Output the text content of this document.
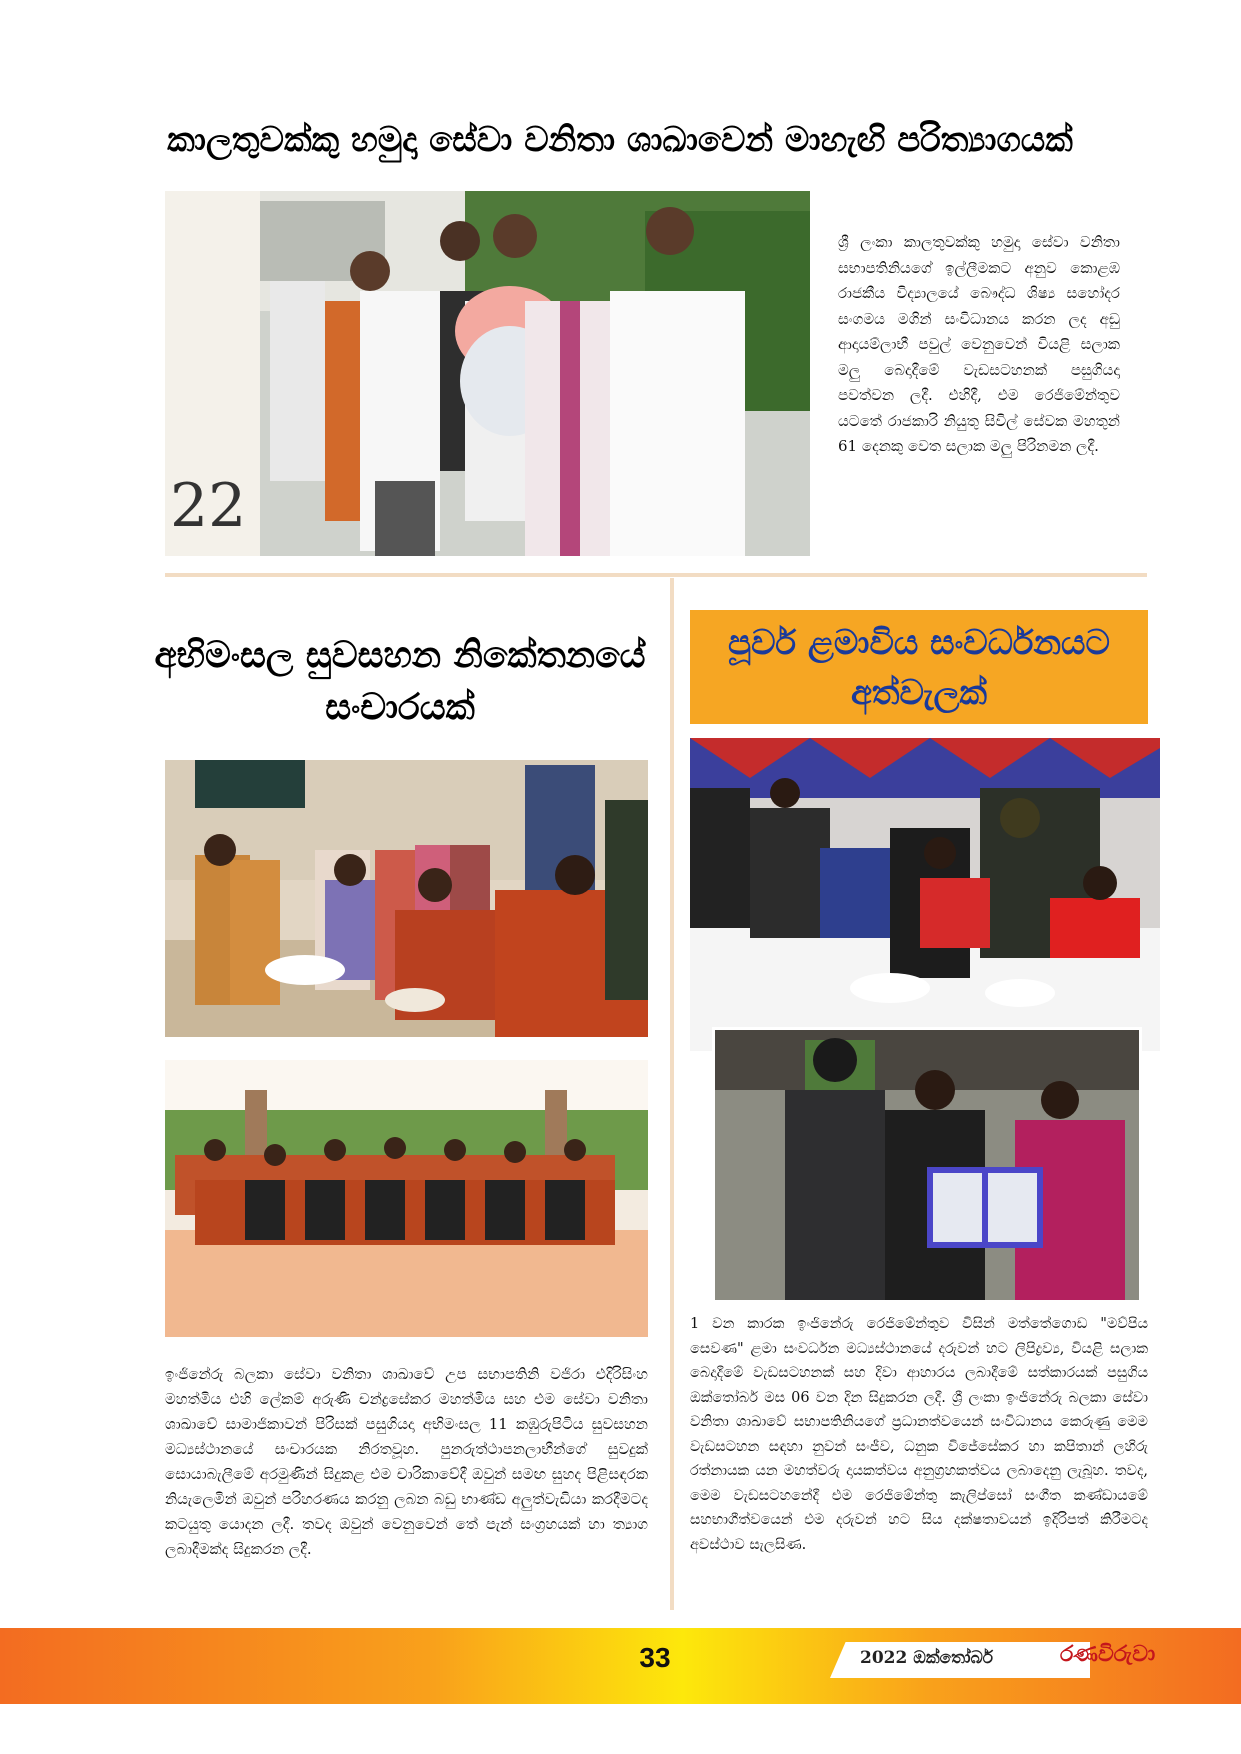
කාලතුවක්කු හමුදා සේවා වනිතා ශාඛාවෙන් මාහැඟි පරිත්‍යාගයක්
22
ශ්‍රී ලංකා කාලතුවක්කු හමුදා සේවා වනිතා සභාපතිනියගේ ඉල්ලීමකට අනුව කොළඹ රාජකීය විද්‍යාලයේ බෞද්ධ ශිෂ්‍ය සහෝදර සංගමය මගින් සංවිධානය කරන ලද අඩු ආදායම්ලාභී පවුල් වෙනුවෙන් වියළි සලාක මලු බෙදාදීමේ වැඩසටහනක් පසුගියදා පවත්වන ලදී. එහිදී, එම රෙජිමේන්තුව යටතේ රාජකාරි නියුතු සිවිල් සේවක මහතුන් 61 දෙනකු වෙත සලාක මලු පිරිනමන ලදී.
අභිමංසල සුවසහන නිකේතනයේ
සංචාරයක්
ඉංජිනේරු බලකා සේවා වනිතා ශාඛාවේ උප සභාපතිනි වජිරා එදිරිසිංහ මහත්මිය එහි ලේකම් අරුණි චන්ද්‍රසේකර මහත්මිය සහ එම සේවා වනිතා ශාඛාවේ සාමාජිකාවන් පිරිසක් පසුගියදා අභිමංසල 11 කඹුරුපිටිය සුවසහන මධ්‍යස්ථානයේ සංචාරයක නිරතවූහ. පුනරුත්ථාපනලාභීන්ගේ සුවදුක් සොයාබැලීමේ අරමුණින් සිදුකළ එම චාරිකාවේදී ඔවුන් සමඟ සුහද පිළිසඳරක නියැලෙමින් ඔවුන් පරිහරණය කරනු ලබන බඩු භාණ්ඩ අලුත්වැඩියා කරදීමටද කටයුතු යොදන ලදී. තවද ඔවුන් වෙනුවෙන් තේ පැන් සංග්‍රහයක් හා ත්‍යාග ලබාදීමක්ද සිදුකරන ලදී.
පූර්ව ළමාවිය සංවර්ධනයට
අත්වැලක්
1 වන කාරක ඉංජිනේරු රෙජිමේන්තුව විසින් මත්තේගොඩ "මව්පිය සෙවණ" ළමා සංවර්ධන මධ්‍යස්ථානයේ දරුවන් හට ලිපිද්‍රව්‍ය, වියළි සලාක බෙදාදීමේ වැඩසටහනක් සහ දිවා ආහාරය ලබාදීමේ සත්කාරයක් පසුගිය ඔක්තෝබර් මස 06 වන දින සිදුකරන ලදී. ශ්‍රී ලංකා ඉංජිනේරු බලකා සේවා වනිතා ශාඛාවේ සභාපතිනියගේ ප්‍රධානත්වයෙන් සංවිධානය කෙරුණු මෙම වැඩසටහන සඳහා නුවන් සංජීව, ධනුක විජේසේකර හා කපිතාන් ලහිරු රත්නායක යන මහත්වරු දායකත්වය අනුග්‍රහකත්වය ලබාදෙනු ලැබූහ. තවද, මෙම වැඩසටහනේදී එම රෙජිමේන්තු කැලිප්සෝ සංගීත කණ්ඩායමේ සහභාගීත්වයෙන් එම දරුවන් හට සිය දක්ෂතාවයන් ඉදිරිපත් කිරීමටද අවස්ථාව සැලසිණ.
33	2022 ඔක්තෝබර්	රණවිරුවා
